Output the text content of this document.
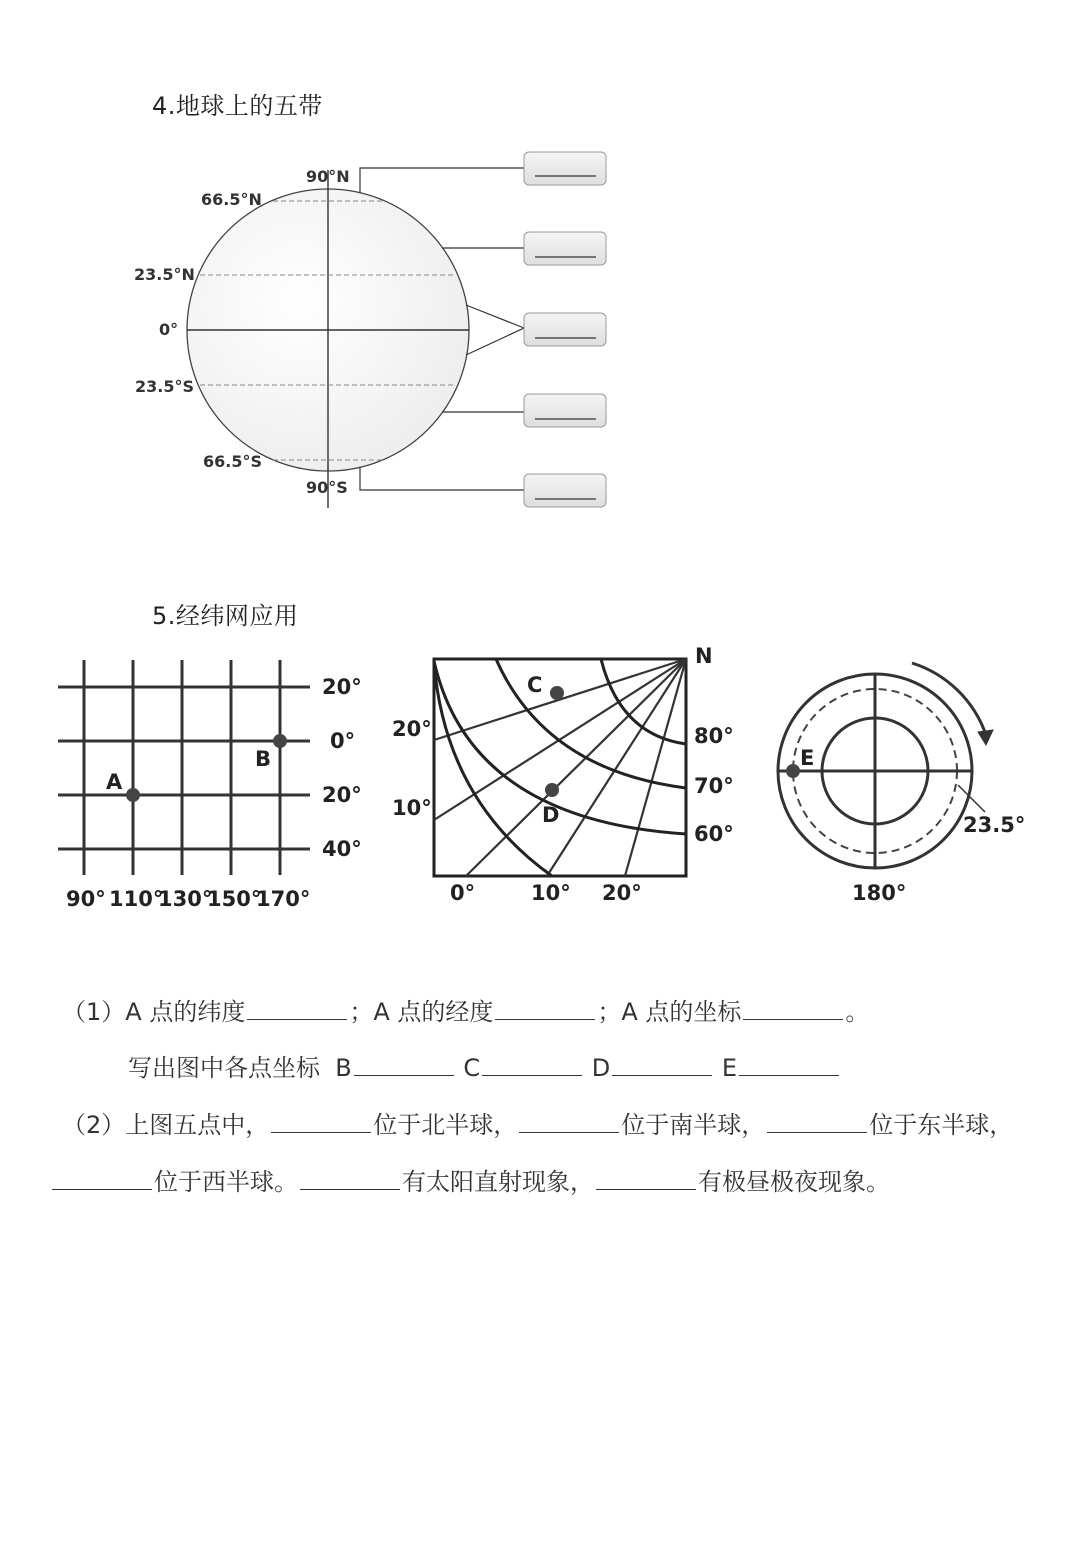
4.地球上的五带
90°N
66.5°N
23.5°N
0°
23.5°S
66.5°S
90°S
5.经纬网应用
A
B
20°
0°
20°
40°
90° 110°
130°
150°
170°
C
D
N
80°
70°
60°
20°
10°
0°	10° 20°
E
23.5°
180°
（1）A 点的纬度	；A 点的经度	；A 点的坐标	。
写出图中各点坐标 B	C	D	E
（2）上图五点中，	位于北半球，	位于南半球，	位于东半球，
位于西半球。	有太阳直射现象，	有极昼极夜现象。
